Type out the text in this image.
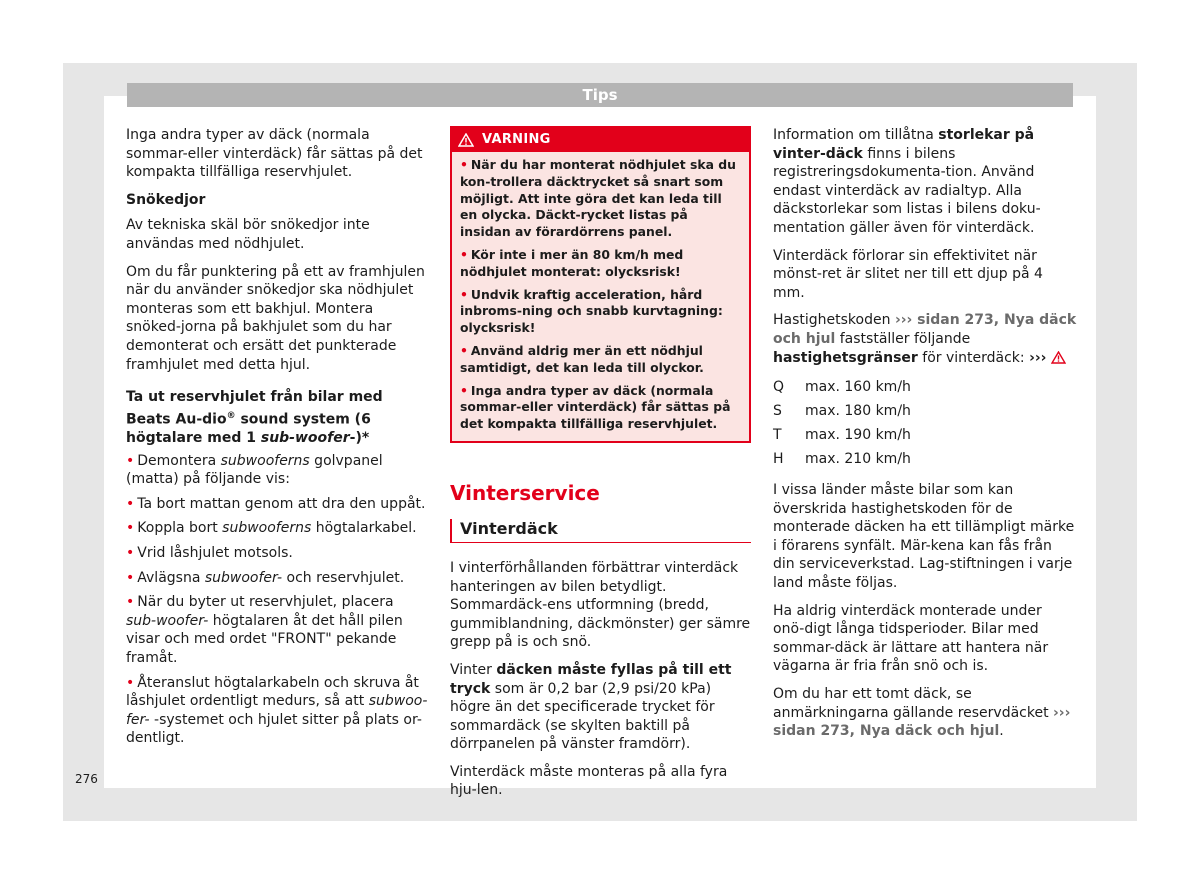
Tips

Inga andra typer av däck (normala sommar-eller vinterdäck) får sättas på det kompakta tillfälliga reservhjulet.

Snökedjor

Av tekniska skäl bör snökedjor inte användas med nödhjulet.

Om du får punktering på ett av framhjulen när du använder snökedjor ska nödhjulet monteras som ett bakhjul. Montera snöked-jorna på bakhjulet som du har demonterat och ersätt det punkterade framhjulet med detta hjul.

Ta ut reservhjulet från bilar med Beats Au-dio® sound system (6 högtalare med 1 sub-woofer-)*

• Demontera subwooferns golvpanel (matta) på följande vis:

• Ta bort mattan genom att dra den uppåt.

• Koppla bort subwooferns högtalarkabel.

• Vrid låshjulet motsols.

• Avlägsna subwoofer- och reservhjulet.

• När du byter ut reservhjulet, placera sub-woofer- högtalaren åt det håll pilen visar och med ordet "FRONT" pekande framåt.

• Återanslut högtalarkabeln och skruva åt låshjulet ordentligt medurs, så att subwoo-fer- -systemet och hjulet sitter på plats or-dentligt.

VARNING

• När du har monterat nödhjulet ska du kon-trollera däcktrycket så snart som möjligt. Att inte göra det kan leda till en olycka. Däckt-rycket listas på insidan av förardörrens panel.

• Kör inte i mer än 80 km/h med nödhjulet monterat: olycksrisk!

• Undvik kraftig acceleration, hård inbroms-ning och snabb kurvtagning: olycksrisk!

• Använd aldrig mer än ett nödhjul samtidigt, det kan leda till olyckor.

• Inga andra typer av däck (normala sommar-eller vinterdäck) får sättas på det kompakta tillfälliga reservhjulet.

Vinterservice
Vinterdäck

I vinterförhållanden förbättrar vinterdäck hanteringen av bilen betydligt. Sommardäck-ens utformning (bredd, gummiblandning, däckmönster) ger sämre grepp på is och snö.

Vinter däcken måste fyllas på till ett tryck som är 0,2 bar (2,9 psi/20 kPa) högre än det specificerade trycket för sommardäck (se skylten baktill på dörrpanelen på vänster framdörr).

Vinterdäck måste monteras på alla fyra hju-len.

Information om tillåtna storlekar på vinter-däck finns i bilens registreringsdokumenta-tion. Använd endast vinterdäck av radialtyp. Alla däckstorlekar som listas i bilens doku-mentation gäller även för vinterdäck.

Vinterdäck förlorar sin effektivitet när mönst-ret är slitet ner till ett djup på 4 mm.

Hastighetskoden ››› sidan 273, Nya däck och hjul fastställer följande hastighetsgränser för vinterdäck: ›››

Q	max. 160 km/h
S	max. 180 km/h
T	max. 190 km/h
H	max. 210 km/h

I vissa länder måste bilar som kan överskrida hastighetskoden för de monterade däcken ha ett tillämpligt märke i förarens synfält. Mär-kena kan fås från din serviceverkstad. Lag-stiftningen i varje land måste följas.

Ha aldrig vinterdäck monterade under onö-digt långa tidsperioder. Bilar med sommar-däck är lättare att hantera när vägarna är fria från snö och is.

Om du har ett tomt däck, se anmärkningarna gällande reservdäcket ››› sidan 273, Nya däck och hjul.

276
